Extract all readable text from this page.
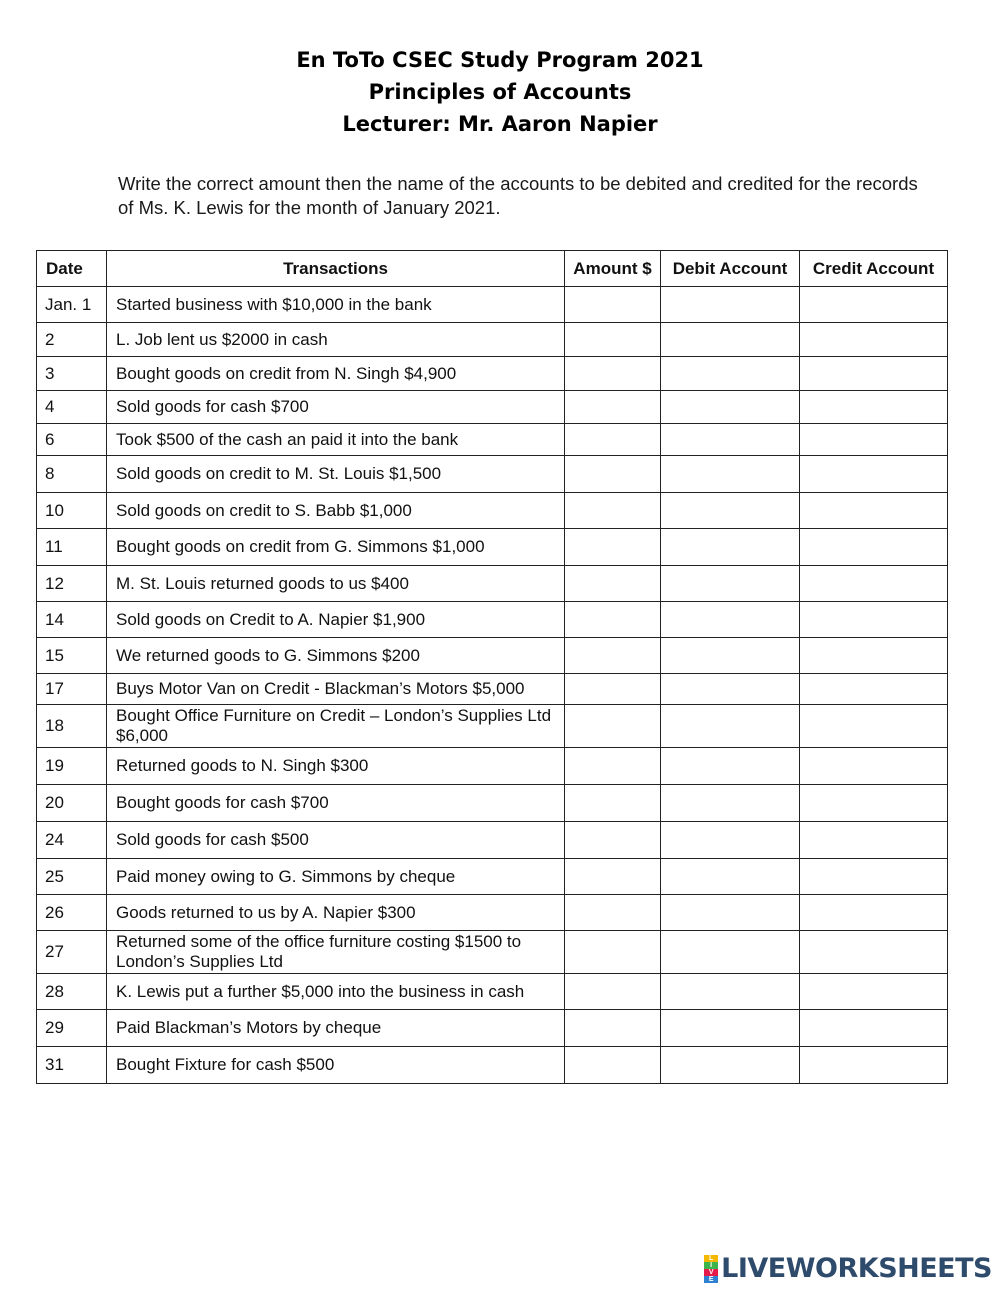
En ToTo CSEC Study Program 2021
Principles of Accounts
Lecturer: Mr. Aaron Napier
Write the correct amount then the name of the accounts to be debited and credited for the records of Ms. K. Lewis for the month of January 2021.
Date	Transactions	Amount $	Debit Account	Credit Account
Jan. 1	Started business with $10,000 in the bank			
2	L. Job lent us $2000 in cash			
3	Bought goods on credit from N. Singh $4,900			
4	Sold goods for cash $700			
6	Took $500 of the cash an paid it into the bank			
8	Sold goods on credit to M. St. Louis $1,500			
10	Sold goods on credit to S. Babb $1,000			
11	Bought goods on credit from G. Simmons $1,000			
12	M. St. Louis returned goods to us $400			
14	Sold goods on Credit to A. Napier $1,900			
15	We returned goods to G. Simmons $200			
17	Buys Motor Van on Credit - Blackman’s Motors $5,000			
18	Bought Office Furniture on Credit – London’s Supplies Ltd $6,000			
19	Returned goods to N. Singh $300			
20	Bought goods for cash $700			
24	Sold goods for cash $500			
25	Paid money owing to G. Simmons by cheque			
26	Goods returned to us by A. Napier $300			
27	Returned some of the office furniture costing $1500 to London’s Supplies Ltd			
28	K. Lewis put a further $5,000 into the business in cash			
29	Paid Blackman’s Motors by cheque			
31	Bought Fixture for cash $500			
L
I
V
E LIVEWORKSHEETS
